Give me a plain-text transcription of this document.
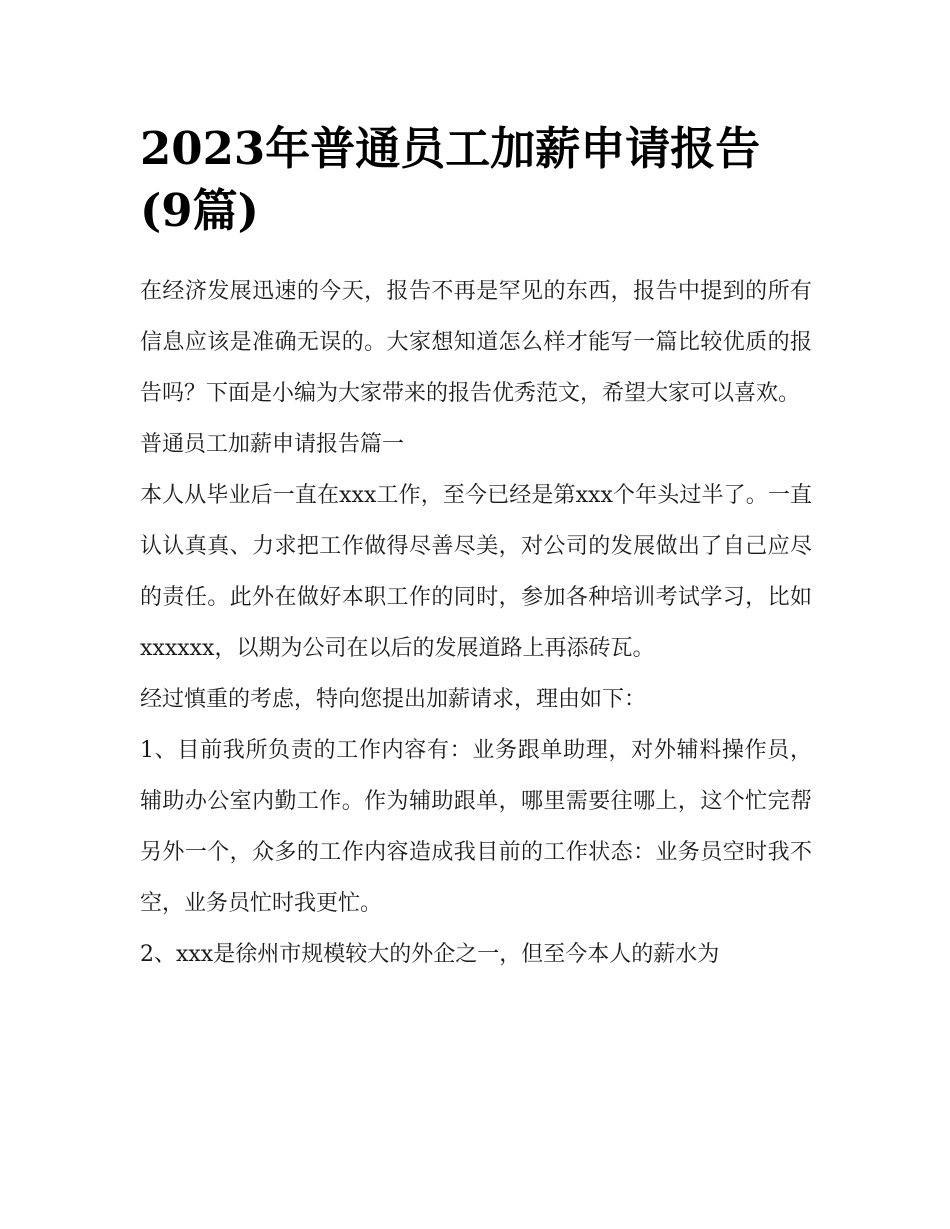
2023年普通员工加薪申请报告(9篇)

在经济发展迅速的今天，报告不再是罕见的东西，报告中提到的所有信息应该是准确无误的。大家想知道怎么样才能写一篇比较优质的报告吗？下面是小编为大家带来的报告优秀范文，希望大家可以喜欢。

普通员工加薪申请报告篇一

本人从毕业后一直在xxx工作，至今已经是第xxx个年头过半了。一直认认真真、力求把工作做得尽善尽美，对公司的发展做出了自己应尽的责任。此外在做好本职工作的同时，参加各种培训考试学习，比如xxxxxx，以期为公司在以后的发展道路上再添砖瓦。

经过慎重的考虑，特向您提出加薪请求，理由如下：

1、目前我所负责的工作内容有：业务跟单助理，对外辅料操作员，辅助办公室内勤工作。作为辅助跟单，哪里需要往哪上，这个忙完帮另外一个，众多的工作内容造成我目前的工作状态：业务员空时我不空，业务员忙时我更忙。

2、xxx是徐州市规模较大的外企之一，但至今本人的薪水为
